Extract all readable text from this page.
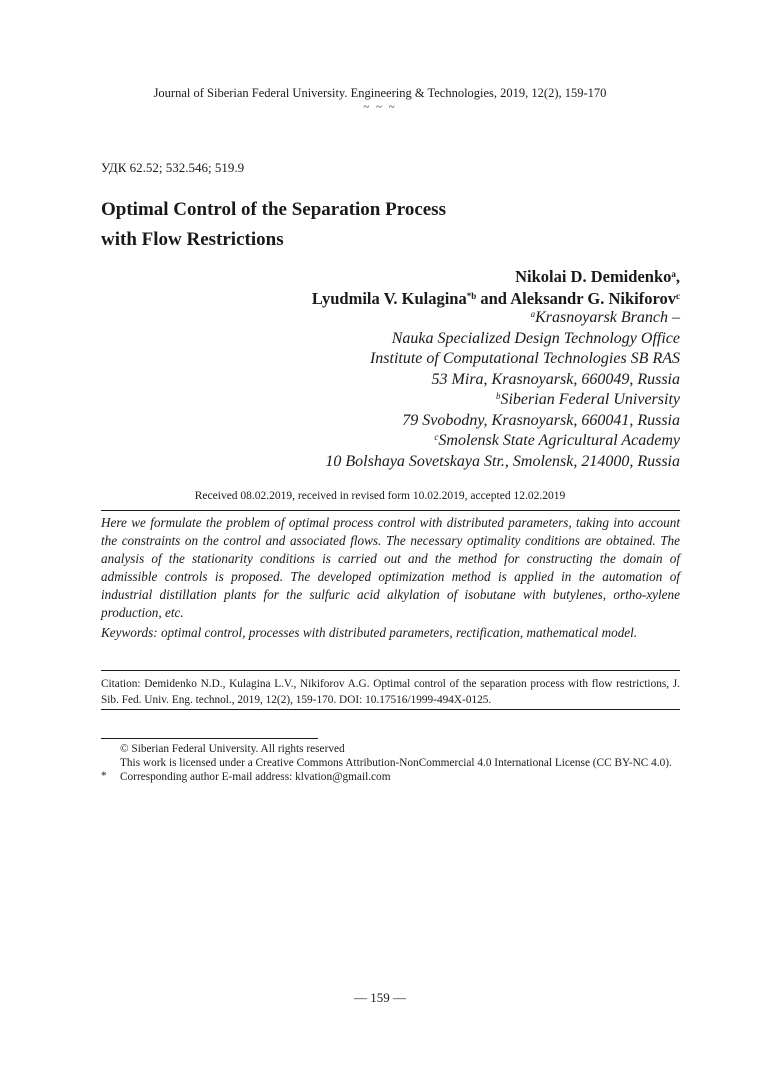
Journal of Siberian Federal University. Engineering & Technologies, 2019, 12(2), 159-170
~ ~ ~
УДК 62.52; 532.546; 519.9
Optimal Control of the Separation Process
with Flow Restrictions
Nikolai D. Demidenko$^a$,
Lyudmila V. Kulagina$^{*b}$ and Aleksandr G. Nikiforov$^c$
$^a$Krasnoyarsk Branch –
Nauka Specialized Design Technology Office
Institute of Computational Technologies SB RAS
53 Mira, Krasnoyarsk, 660049, Russia
$^b$Siberian Federal University
79 Svobodny, Krasnoyarsk, 660041, Russia
$^c$Smolensk State Agricultural Academy
10 Bolshaya Sovetskaya Str., Smolensk, 214000, Russia
Received 08.02.2019, received in revised form 10.02.2019, accepted 12.02.2019
Here we formulate the problem of optimal process control with distributed parameters, taking into account the constraints on the control and associated flows. The necessary optimality conditions are obtained. The analysis of the stationarity conditions is carried out and the method for constructing the domain of admissible controls is proposed. The developed optimization method is applied in the automation of industrial distillation plants for the sulfuric acid alkylation of isobutane with butylenes, ortho-xylene production, etc.
Keywords: optimal control, processes with distributed parameters, rectification, mathematical model.
Citation: Demidenko N.D., Kulagina L.V., Nikiforov A.G. Optimal control of the separation process with flow restrictions, J. Sib. Fed. Univ. Eng. technol., 2019, 12(2), 159-170. DOI: 10.17516/1999-494X-0125.
© Siberian Federal University. All rights reserved
This work is licensed under a Creative Commons Attribution-NonCommercial 4.0 International License (CC BY-NC 4.0).
* Corresponding author E-mail address: klvation@gmail.com
— 159 —
